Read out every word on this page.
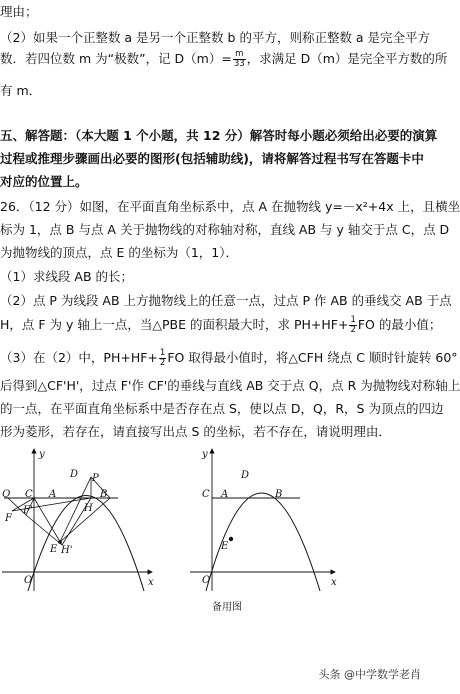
理由；
（2）如果一个正整数 a 是另一个正整数 b 的平方，则称正整数 a 是完全平方
数．若四位数 m 为“极数”，记 $D(m)= \frac{m}{33}$ ，求满足 D（m）是完全平方数的所
有 m．
五、解答题：（本大题 1 个小题，共 12 分）解答时每小题必须给出必要的演算
过程或推理步骤画出必要的图形(包括辅助线)，请将解答过程书写在答题卡中
对应的位置上。
26．（12 分）如图，在平面直角坐标系中，点 A 在抛物线 y=－x²+4x 上，且横坐
标为 1，点 B 与点 A 关于抛物线的对称轴对称，直线 AB 与 y 轴交于点 C，点 D
为抛物线的顶点，点 E 的坐标为（1，1）．
（1）求线段 AB 的长；
（2）点 P 为线段 AB 上方抛物线上的任意一点，过点 P 作 AB 的垂线交 AB 于点
H，点 F 为 y 轴上一点，当△PBE 的面积最大时，求 $PH+HF+ \frac{1}{2}$ FO 的最小值；
（3）在（2）中，$PH+HF+ \frac{1}{2}$ FO 取得最小值时，将△CFH 绕点 C 顺时针旋转 60°
后得到△CF'H'，过点 F'作 CF'的垂线与直线 AB 交于点 Q，点 R 为抛物线对称轴上
的一点，在平面直角坐标系中是否存在点 S，使以点 D，Q，R，S 为顶点的四边
形为菱形，若存在，请直接写出点 S 的坐标，若不存在，请说明理由．
y
x
D P
Q C A	B
H
F
F'
O
E H'
y
x
D
C A	B
E
O
备用图
头条 @中学数学老肖
